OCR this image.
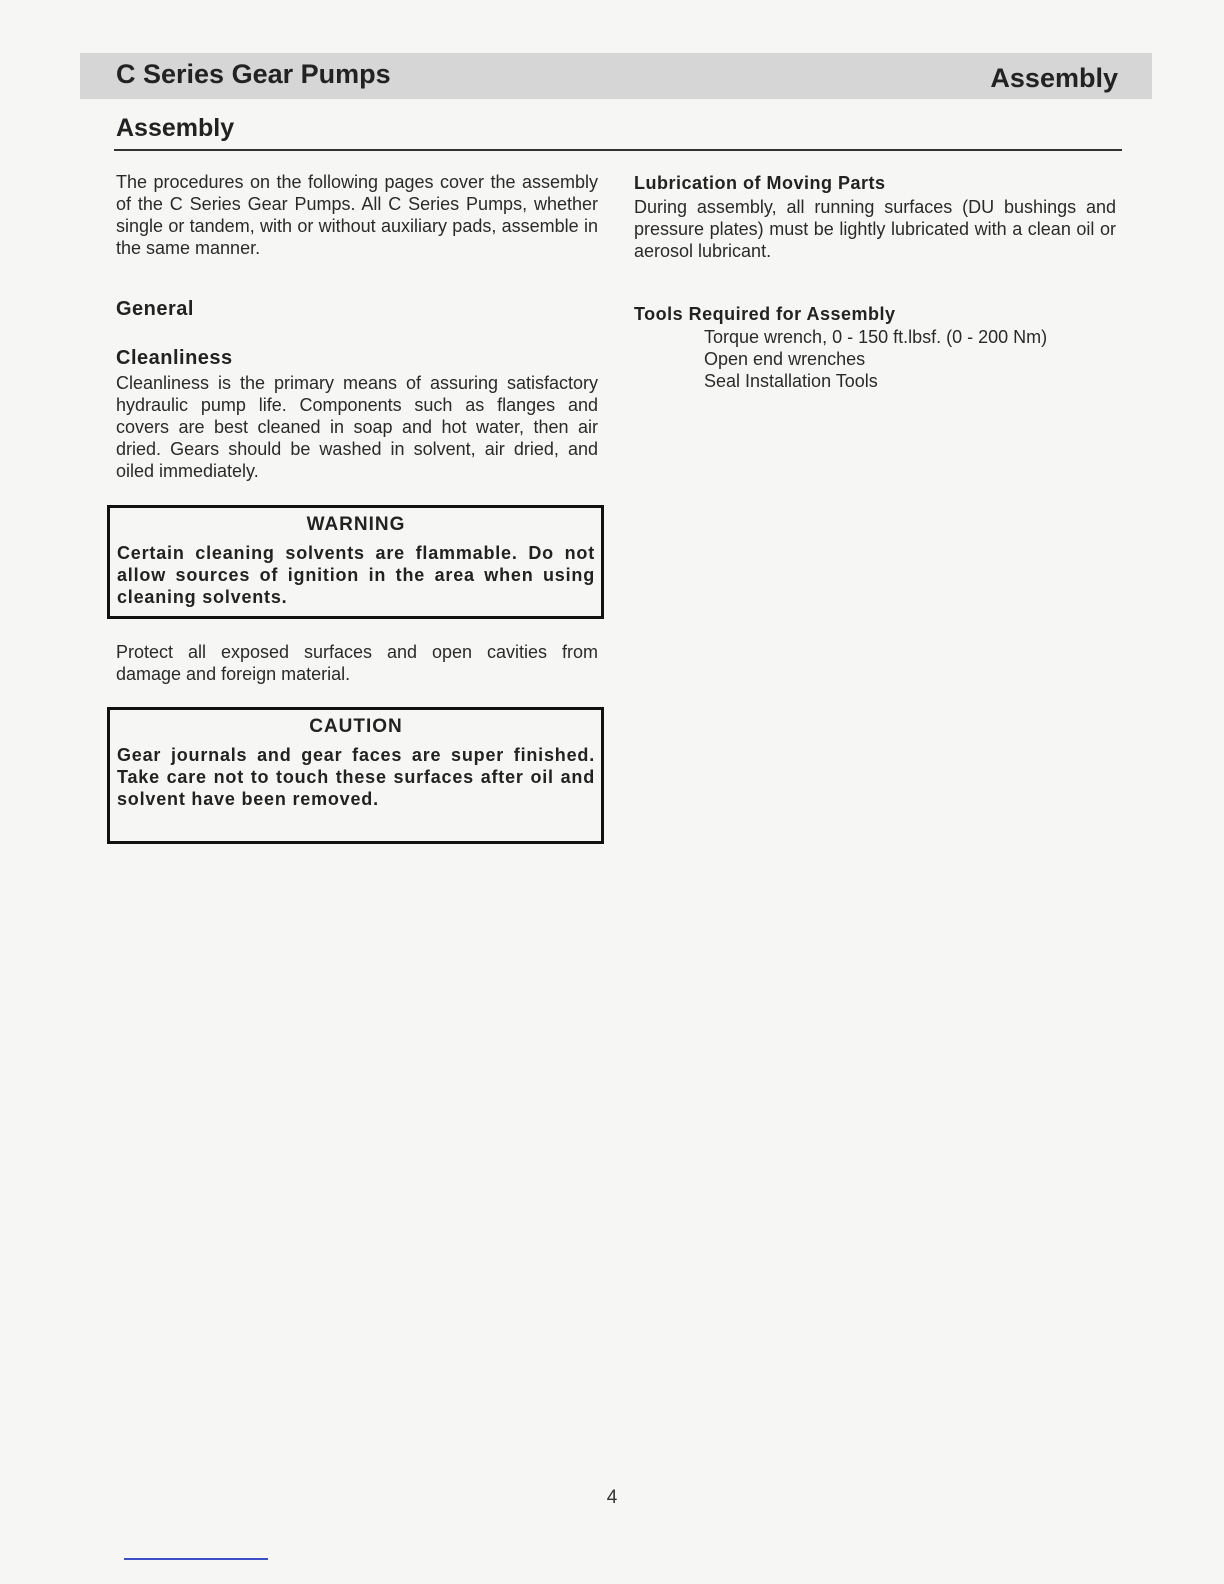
C Series Gear Pumps	Assembly
Assembly
The procedures on the following pages cover the assembly of the C Series Gear Pumps. All C Series Pumps, whether single or tandem, with or without auxiliary pads, assemble in the same manner.
General
Cleanliness
Cleanliness is the primary means of assuring satisfactory hydraulic pump life. Components such as flanges and covers are best cleaned in soap and hot water, then air dried. Gears should be washed in solvent, air dried, and oiled immediately.
WARNING
Certain cleaning solvents are flammable. Do not allow sources of ignition in the area when using cleaning solvents.
Protect all exposed surfaces and open cavities from damage and foreign material.
CAUTION
Gear journals and gear faces are super finished. Take care not to touch these surfaces after oil and solvent have been removed.
Lubrication of Moving Parts
During assembly, all running surfaces (DU bushings and pressure plates) must be lightly lubricated with a clean oil or aerosol lubricant.
Tools Required for Assembly
Torque wrench, 0 - 150 ft.lbsf. (0 - 200 Nm)
Open end wrenches
Seal Installation Tools
4
